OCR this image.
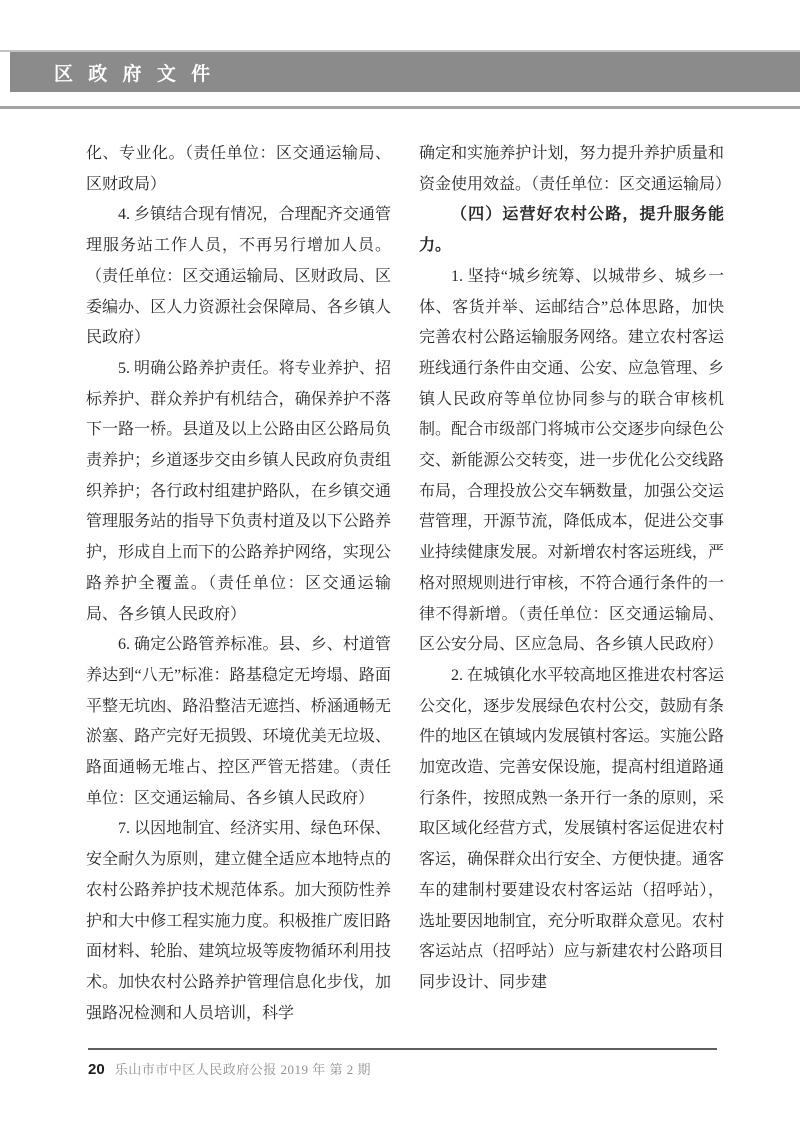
区 政 府 文 件

化、专业化。（责任单位：区交通运输局、区财政局）

4. 乡镇结合现有情况，合理配齐交通管理服务站工作人员，不再另行增加人员。（责任单位：区交通运输局、区财政局、区委编办、区人力资源社会保障局、各乡镇人民政府）

5. 明确公路养护责任。将专业养护、招标养护、群众养护有机结合，确保养护不落下一路一桥。县道及以上公路由区公路局负责养护；乡道逐步交由乡镇人民政府负责组织养护；各行政村组建护路队，在乡镇交通管理服务站的指导下负责村道及以下公路养护，形成自上而下的公路养护网络，实现公路养护全覆盖。（责任单位：区交通运输局、各乡镇人民政府）

6. 确定公路管养标准。县、乡、村道管养达到“八无”标准：路基稳定无垮塌、路面平整无坑凼、路沿整洁无遮挡、桥涵通畅无淤塞、路产完好无损毁、环境优美无垃圾、路面通畅无堆占、控区严管无搭建。（责任单位：区交通运输局、各乡镇人民政府）

7. 以因地制宜、经济实用、绿色环保、安全耐久为原则，建立健全适应本地特点的农村公路养护技术规范体系。加大预防性养护和大中修工程实施力度。积极推广废旧路面材料、轮胎、建筑垃圾等废物循环利用技术。加快农村公路养护管理信息化步伐，加强路况检测和人员培训，科学

确定和实施养护计划，努力提升养护质量和资金使用效益。（责任单位：区交通运输局）

（四）运营好农村公路，提升服务能力。

1. 坚持“城乡统筹、以城带乡、城乡一体、客货并举、运邮结合”总体思路，加快完善农村公路运输服务网络。建立农村客运班线通行条件由交通、公安、应急管理、乡镇人民政府等单位协同参与的联合审核机制。配合市级部门将城市公交逐步向绿色公交、新能源公交转变，进一步优化公交线路布局，合理投放公交车辆数量，加强公交运营管理，开源节流，降低成本，促进公交事业持续健康发展。对新增农村客运班线，严格对照规则进行审核，不符合通行条件的一律不得新增。（责任单位：区交通运输局、区公安分局、区应急局、各乡镇人民政府）

2. 在城镇化水平较高地区推进农村客运公交化，逐步发展绿色农村公交，鼓励有条件的地区在镇域内发展镇村客运。实施公路加宽改造、完善安保设施，提高村组道路通行条件，按照成熟一条开行一条的原则，采取区域化经营方式，发展镇村客运促进农村客运，确保群众出行安全、方便快捷。通客车的建制村要建设农村客运站（招呼站），选址要因地制宜，充分听取群众意见。农村客运站点（招呼站）应与新建农村公路项目同步设计、同步建

20 乐山市市中区人民政府公报 2019 年 第 2 期
